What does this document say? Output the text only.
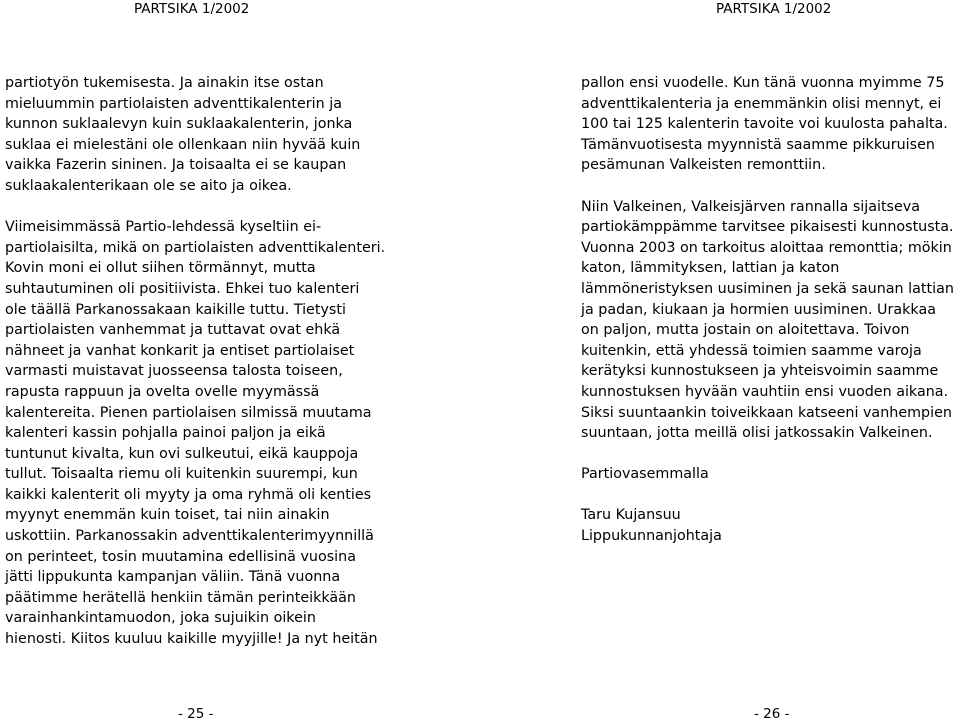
PARTSIKA 1/2002	PARTSIKA 1/2002

partiotyön tukemisesta. Ja ainakin itse ostan
mieluummin partiolaisten adventtikalenterin ja
kunnon suklaalevyn kuin suklaakalenterin, jonka
suklaa ei mielestäni ole ollenkaan niin hyvää kuin
vaikka Fazerin sininen. Ja toisaalta ei se kaupan
suklaakalenterikaan ole se aito ja oikea.

Viimeisimmässä Partio-lehdessä kyseltiin ei-
partiolaisilta, mikä on partiolaisten adventtikalenteri.
Kovin moni ei ollut siihen törmännyt, mutta
suhtautuminen oli positiivista. Ehkei tuo kalenteri
ole täällä Parkanossakaan kaikille tuttu. Tietysti
partiolaisten vanhemmat ja tuttavat ovat ehkä
nähneet ja vanhat konkarit ja entiset partiolaiset
varmasti muistavat juosseensa talosta toiseen,
rapusta rappuun ja ovelta ovelle myymässä
kalentereita. Pienen partiolaisen silmissä muutama
kalenteri kassin pohjalla painoi paljon ja eikä
tuntunut kivalta, kun ovi sulkeutui, eikä kauppoja
tullut. Toisaalta riemu oli kuitenkin suurempi, kun
kaikki kalenterit oli myyty ja oma ryhmä oli kenties
myynyt enemmän kuin toiset, tai niin ainakin
uskottiin. Parkanossakin adventtikalenterimyynnillä
on perinteet, tosin muutamina edellisinä vuosina
jätti lippukunta kampanjan väliin. Tänä vuonna
päätimme herätellä henkiin tämän perinteikkään
varainhankintamuodon, joka sujuikin oikein
hienosti. Kiitos kuuluu kaikille myyjille! Ja nyt heitän

pallon ensi vuodelle. Kun tänä vuonna myimme 75
adventtikalenteria ja enemmänkin olisi mennyt, ei
100 tai 125 kalenterin tavoite voi kuulosta pahalta.
Tämänvuotisesta myynnistä saamme pikkuruisen
pesämunan Valkeisten remonttiin.

Niin Valkeinen, Valkeisjärven rannalla sijaitseva
partiokämppämme tarvitsee pikaisesti kunnostusta.
Vuonna 2003 on tarkoitus aloittaa remonttia; mökin
katon, lämmityksen, lattian ja katon
lämmöneristyksen uusiminen ja sekä saunan lattian
ja padan, kiukaan ja hormien uusiminen. Urakkaa
on paljon, mutta jostain on aloitettava. Toivon
kuitenkin, että yhdessä toimien saamme varoja
kerätyksi kunnostukseen ja yhteisvoimin saamme
kunnostuksen hyvään vauhtiin ensi vuoden aikana.
Siksi suuntaankin toiveikkaan katseeni vanhempien
suuntaan, jotta meillä olisi jatkossakin Valkeinen.

Partiovasemmalla

Taru Kujansuu

Lippukunnanjohtaja

- 25 -	- 26 -
